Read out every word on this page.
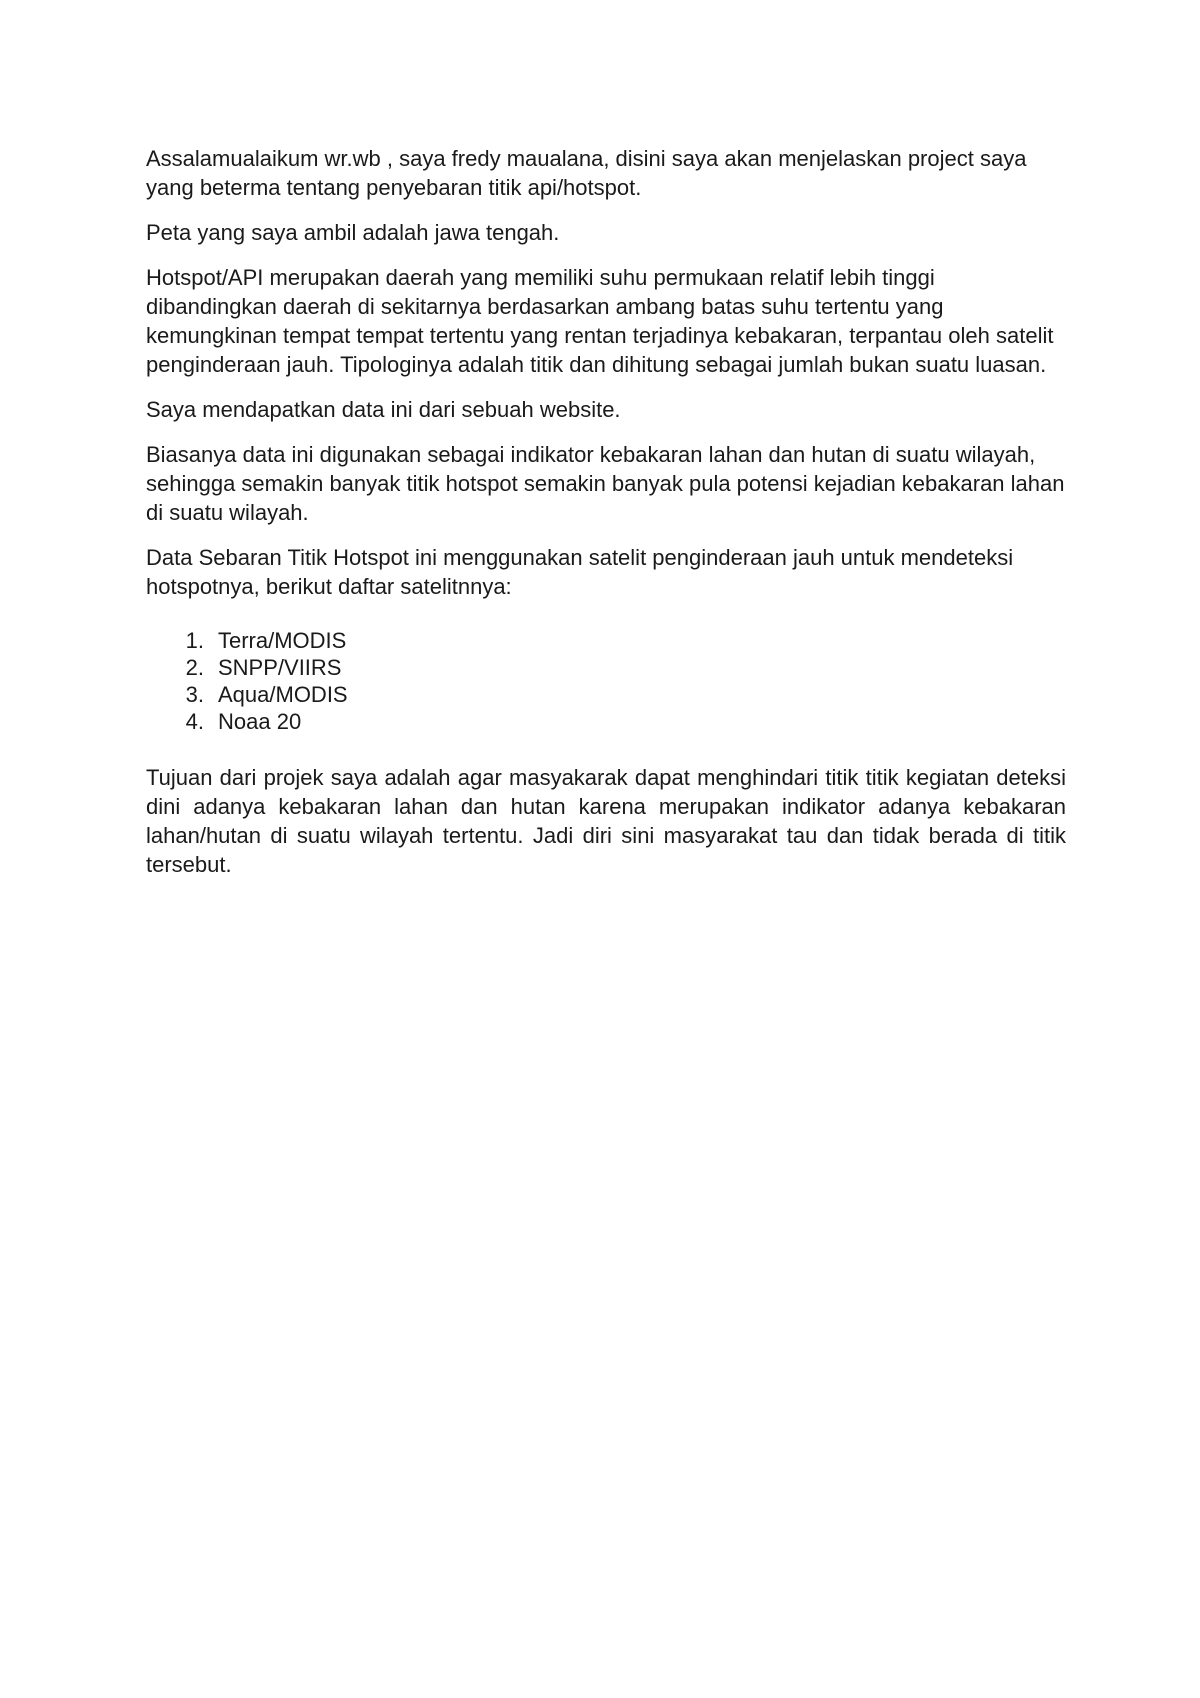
Assalamualaikum wr.wb , saya fredy maualana, disini saya akan menjelaskan project saya yang beterma tentang penyebaran titik api/hotspot.

Peta yang saya ambil adalah jawa tengah.

Hotspot/API merupakan daerah yang memiliki suhu permukaan relatif lebih tinggi dibandingkan daerah di sekitarnya berdasarkan ambang batas suhu tertentu yang kemungkinan tempat tempat tertentu yang rentan terjadinya kebakaran, terpantau oleh satelit penginderaan jauh. Tipologinya adalah titik dan dihitung sebagai jumlah bukan suatu luasan.

Saya mendapatkan data ini dari sebuah website.

Biasanya data ini digunakan sebagai indikator kebakaran lahan dan hutan di suatu wilayah, sehingga semakin banyak titik hotspot semakin banyak pula potensi kejadian kebakaran lahan di suatu wilayah.

Data Sebaran Titik Hotspot ini menggunakan satelit penginderaan jauh untuk mendeteksi hotspotnya, berikut daftar satelitnnya:

1. Terra/MODIS
2. SNPP/VIIRS
3. Aqua/MODIS
4. Noaa 20

Tujuan dari projek saya adalah agar masyakarak dapat menghindari titik titik kegiatan deteksi dini adanya kebakaran lahan dan hutan karena merupakan indikator adanya kebakaran lahan/hutan di suatu wilayah tertentu. Jadi diri sini masyarakat tau dan tidak berada di titik tersebut.
